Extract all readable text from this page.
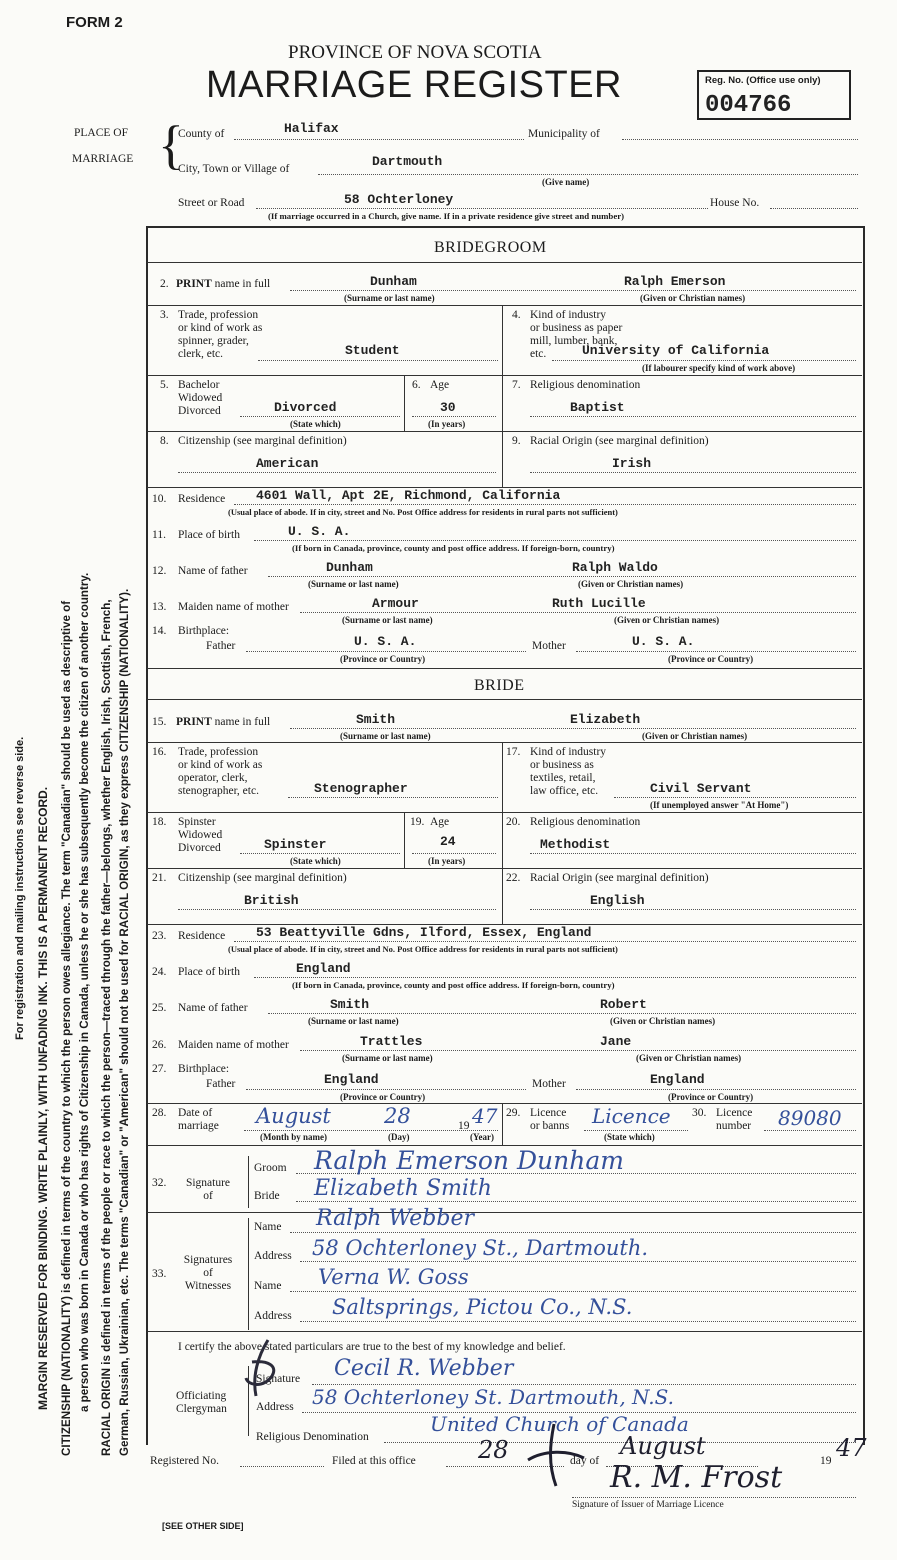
FORM 2
PROVINCE OF NOVA SCOTIA
MARRIAGE REGISTER	Reg. No. (Office use only)
004766
PLACE OF
MARRIAGE {
County of	Halifax	Municipality of
City, Town or Village of	Dartmouth
(Give name)
Street or Road	58 Ochterloney	House No.
(If marriage occurred in a Church, give name. If in a private residence give street and number)
For registration and mailing instructions see reverse side. MARGIN RESERVED FOR BINDING. WRITE PLAINLY, WITH UNFADING INK. THIS IS A PERMANENT RECORD. CITIZENSHIP (NATIONALITY) is defined in terms of the country to which the person owes allegiance. The term "Canadian" should be used as descriptive of a person who was born in Canada or who has rights of Citizenship in Canada, unless he or she has subsequently become the citizen of another country. RACIAL ORIGIN is defined in terms of the people or race to which the person—traced through the father—belongs, whether English, Irish, Scottish, French, German, Russian, Ukrainian, etc. The terms "Canadian" or "American" should not be used for RACIAL ORIGIN, as they express CITIZENSHIP (NATIONALITY).
BRIDEGROOM
2. PRINT name in full	Dunham	Ralph Emerson
(Surname or last name)	(Given or Christian names)
3. Trade, profession
or kind of work as
spinner, grader,
clerk, etc.	Student
4. Kind of industry
or business as paper
mill, lumber, bank,
etc.	University of California
(If labourer specify kind of work above)
5. Bachelor
Widowed
Divorced	Divorced
(State which)
6. Age
30
(In years)
7. Religious denomination
Baptist
8. Citizenship (see marginal definition)
American
9. Racial Origin (see marginal definition)
Irish
10. Residence 4601 Wall, Apt 2E, Richmond, California
(Usual place of abode. If in city, street and No. Post Office address for residents in rural parts not sufficient)
11. Place of birth	U. S. A.
(If born in Canada, province, county and post office address. If foreign-born, country)
12. Name of father	Dunham	Ralph Waldo
(Surname or last name)	(Given or Christian names)
13. Maiden name of mother	Armour	Ruth Lucille
(Surname or last name)	(Given or Christian names)
14. Birthplace:
Father	U. S. A.
(Province or Country)
Mother	U. S. A.
(Province or Country)
BRIDE
15. PRINT name in full	Smith	Elizabeth
(Surname or last name)	(Given or Christian names)
16. Trade, profession
or kind of work as
operator, clerk,
stenographer, etc.	Stenographer
17. Kind of industry
or business as
textiles, retail,
law office, etc.	Civil Servant
(If unemployed answer "At Home")
18. Spinster
Widowed
Divorced	Spinster
(State which)
19. Age
24
(In years)
20. Religious denomination
Methodist
21. Citizenship (see marginal definition)
British
22. Racial Origin (see marginal definition)
English
23. Residence 53 Beattyville Gdns, Ilford, Essex, England
(Usual place of abode. If in city, street and No. Post Office address for residents in rural parts not sufficient)
24. Place of birth	England
(If born in Canada, province, county and post office address. If foreign-born, country)
25. Name of father	Smith	Robert
(Surname or last name)	(Given or Christian names)
26. Maiden name of mother	Trattles	Jane
(Surname or last name)	(Given or Christian names)
27. Birthplace:
Father	England
(Province or Country)
Mother	England
(Province or Country)
28. Date of
marriage August	28	19 47
(Month by name)	(Day)	(Year)
29. Licence
or banns Licence
(State which)
30. Licence
number 89080
32.	Signature
of
Groom Ralph Emerson Dunham
Bride Elizabeth Smith
33.
Signatures
of
Witnesses
Name Ralph Webber
Address 58 Ochterloney St., Dartmouth.
Name Verna W. Goss
Address Saltsprings, Pictou Co., N.S.
I certify the above stated particulars are true to the best of my knowledge and belief.
Signature Cecil R. Webber
Officiating
Clergyman	Address 58 Ochterloney St. Dartmouth, N.S.
Religious Denomination
United Church of Canada
Registered No.	Filed at this office	28	day of
August
19 47
R. M. Frost
Signature of Issuer of Marriage Licence
[SEE OTHER SIDE]
